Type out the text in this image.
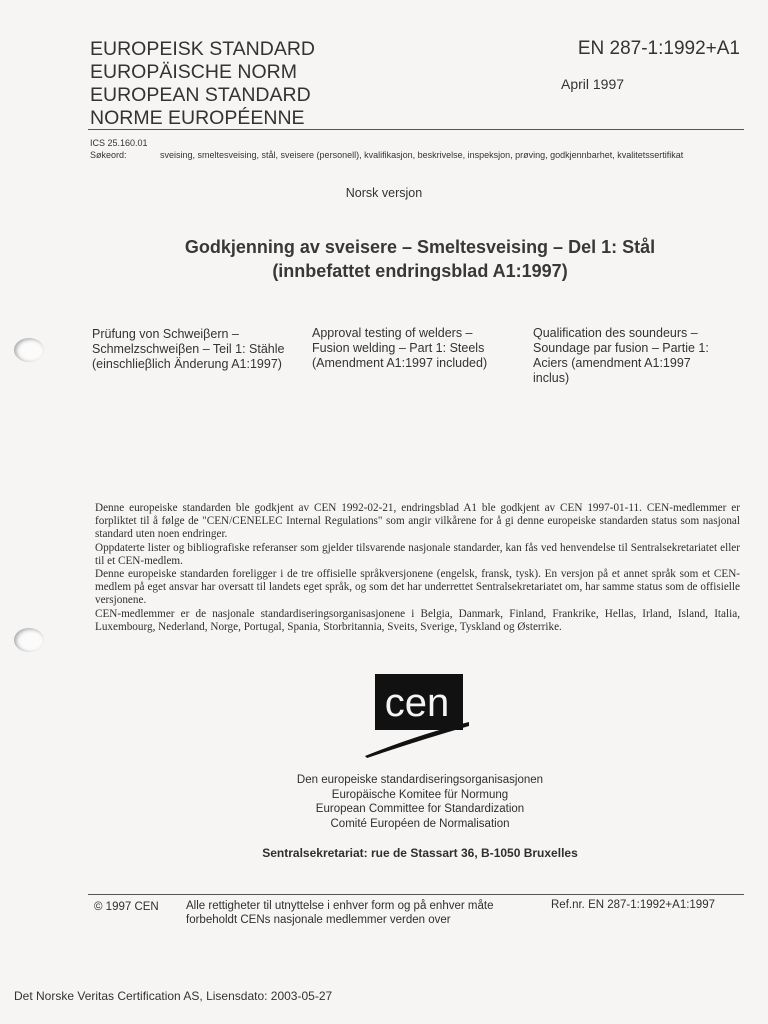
EUROPEISK STANDARD
EUROPÄISCHE NORM
EUROPEAN STANDARD
NORME EUROPÉENNE
EN 287-1:1992+A1
April 1997
ICS 25.160.01
Søkeord:	sveising, smeltesveising, stål, sveisere (personell), kvalifikasjon, beskrivelse, inspeksjon, prøving, godkjennbarhet, kvalitetssertifikat
Norsk versjon
Godkjenning av sveisere – Smeltesveising – Del 1: Stål
(innbefattet endringsblad A1:1997)
Prüfung von Schweiβern –
Schmelzschweiβen – Teil 1: Stähle
(einschlieβlich Änderung A1:1997)
Approval testing of welders –
Fusion welding – Part 1: Steels
(Amendment A1:1997 included)
Qualification des soundeurs –
Soundage par fusion – Partie 1:
Aciers (amendment A1:1997
inclus)

Denne europeiske standarden ble godkjent av CEN 1992-02-21, endringsblad A1 ble godkjent av CEN 1997-01-11. CEN-medlemmer er forpliktet til å følge de "CEN/CENELEC Internal Regulations" som angir vilkårene for å gi denne europeiske standarden status som nasjonal standard uten noen endringer.

Oppdaterte lister og bibliografiske referanser som gjelder tilsvarende nasjonale standarder, kan fås ved henvendelse til Sentralsekretariatet eller til et CEN-medlem.

Denne europeiske standarden foreligger i de tre offisielle språkversjonene (engelsk, fransk, tysk). En versjon på et annet språk som et CEN-medlem på eget ansvar har oversatt til landets eget språk, og som det har underrettet Sentralsekretariatet om, har samme status som de offisielle versjonene.

CEN-medlemmer er de nasjonale standardiseringsorganisasjonene i Belgia, Danmark, Finland, Frankrike, Hellas, Irland, Island, Italia, Luxembourg, Nederland, Norge, Portugal, Spania, Storbritannia, Sveits, Sverige, Tyskland og Østerrike.

cen
Den europeiske standardiseringsorganisasjonen
Europäische Komitee für Normung
European Committee for Standardization
Comité Européen de Normalisation
Sentralsekretariat: rue de Stassart 36, B-1050 Bruxelles
© 1997 CEN Alle rettigheter til utnyttelse i enhver form og på enhver måte forbeholdt CENs nasjonale medlemmer verden over
Ref.nr. EN 287-1:1992+A1:1997
Det Norske Veritas Certification AS, Lisensdato: 2003-05-27
